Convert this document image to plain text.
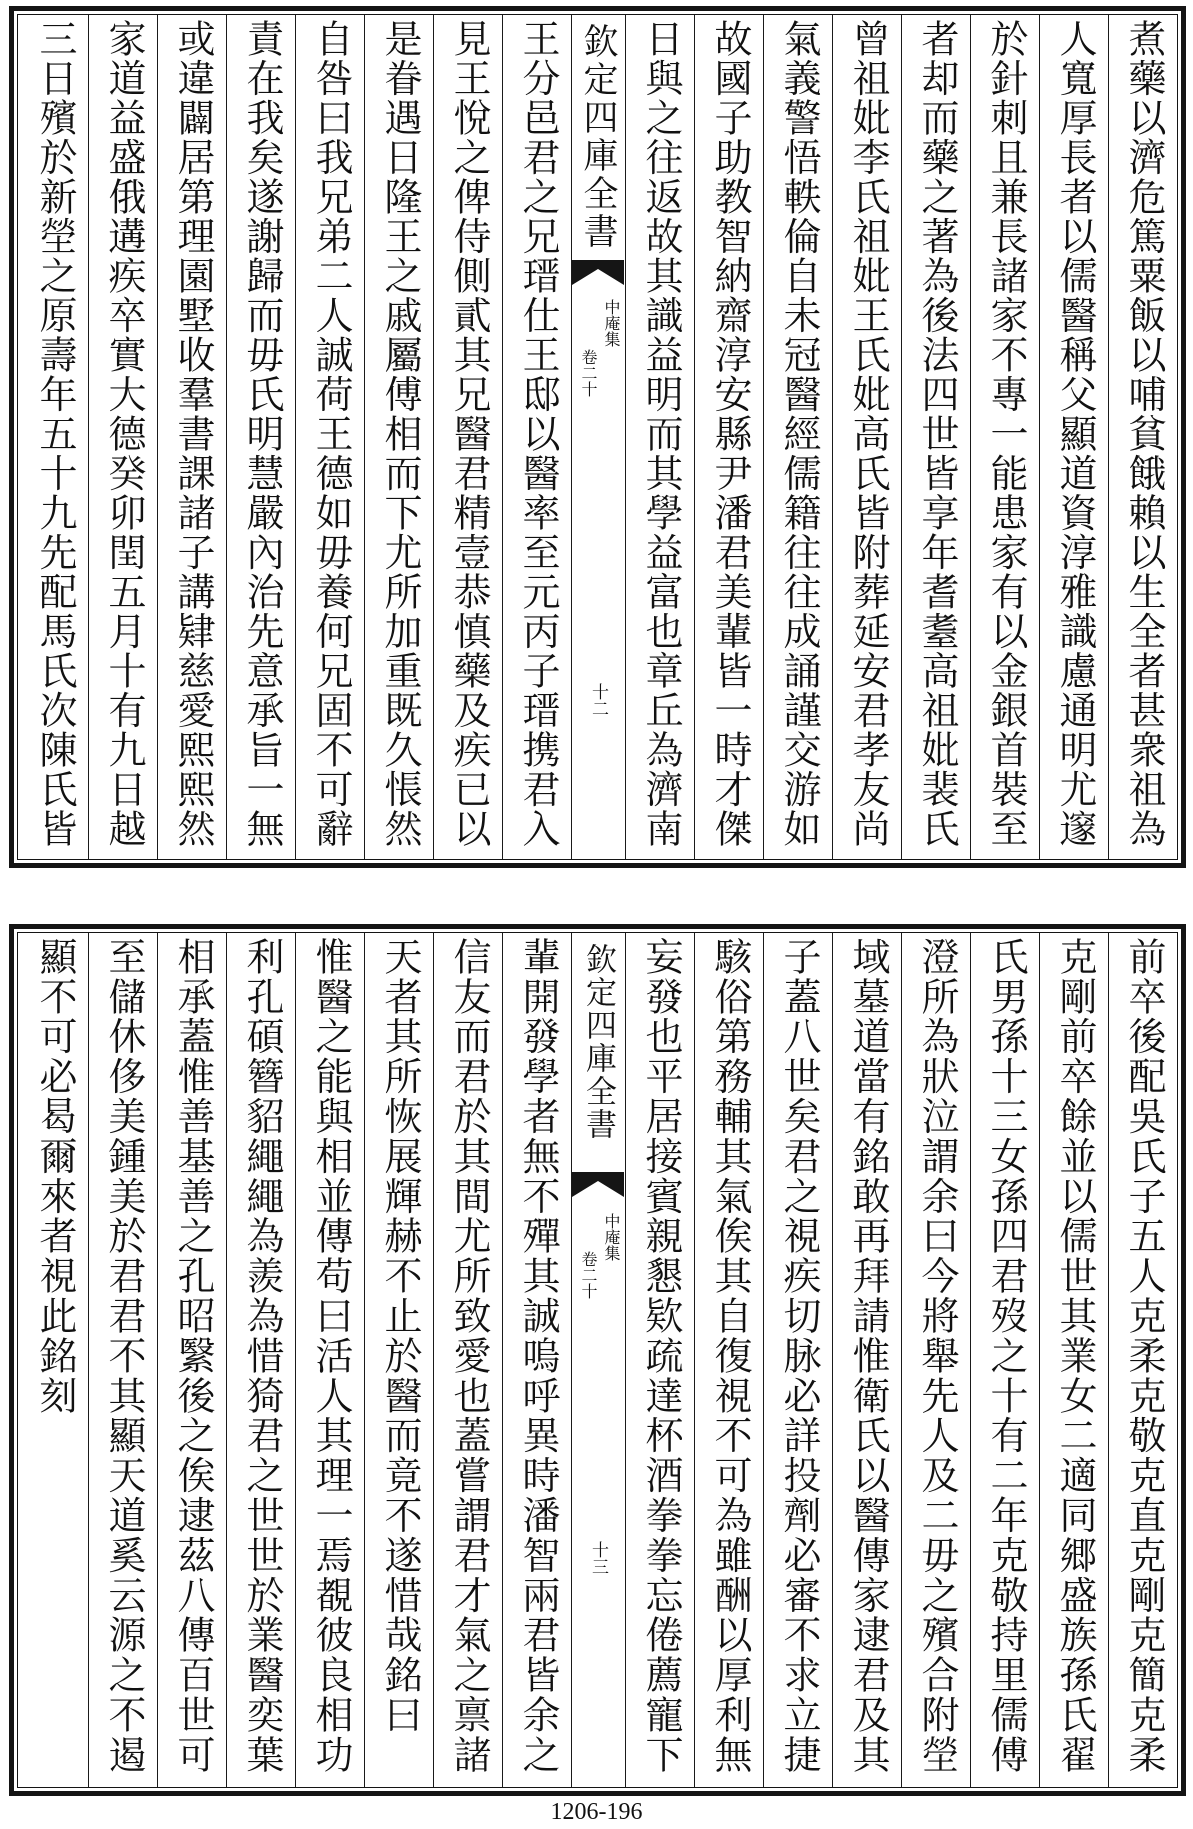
煮藥以濟危篤粟飯以哺貧餓賴以生全者甚衆祖為
人寬厚長者以儒醫稱父顯道資淳雅識慮通明尤邃
於針刺且兼長諸家不專一能患家有以金銀首裝至
者却而藥之著為後法四世皆享年耆耋高祖妣裴氏
曾祖妣李氏祖妣王氏妣高氏皆附葬延安君孝友尚
氣義警悟軼倫自未冠醫經儒籍往往成誦謹交游如
故國子助教智納齋淳安縣尹潘君美輩皆一時才傑
日與之往返故其識益明而其學益富也章丘為濟南
欽定四庫全書
中庵集
卷二十
十二
王分邑君之兄瑨仕王邸以醫率至元丙子瑨携君入
見王悅之俾侍側貳其兄醫君精壹恭慎藥及疾已以
是眷遇日隆王之戚屬傅相而下尤所加重既久悵然
自咎曰我兄弟二人誠荷王德如毋養何兄固不可辭
責在我矣遂謝歸而毋氏明慧嚴內治先意承旨一無
或違闢居第理園墅收羣書課諸子講肄慈愛熙熙然
家道益盛俄遘疾卒實大德癸卯閏五月十有九日越
三日殯於新塋之原壽年五十九先配馬氏次陳氏皆
前卒後配吳氏子五人克柔克敬克直克剛克簡克柔
克剛前卒餘並以儒世其業女二適同郷盛族孫氏翟
氏男孫十三女孫四君歿之十有二年克敬持里儒傅
澄所為狀泣謂余曰今將舉先人及二毋之殯合附塋
域墓道當有銘敢再拜請惟衛氏以醫傳家逮君及其
子蓋八世矣君之視疾切脉必詳投劑必審不求立捷
駭俗第務輔其氣俟其自復視不可為雖酬以厚利無
妄發也平居接賓親懇欵疏達杯酒拳拳忘倦薦寵下
欽定四庫全書
中庵集
卷二十
十三
輩開發學者無不殫其誠嗚呼異時潘智兩君皆余之
信友而君於其間尤所致愛也蓋嘗謂君才氣之禀諸
天者其所恢展輝赫不止於醫而竟不遂惜哉銘曰
惟醫之能與相並傳苟曰活人其理一焉覩彼良相功
利孔碩簪貂繩繩為羨為惜猗君之世世於業醫奕葉
相承蓋惟善基善之孔昭繄後之俟逮茲八傳百世可
至儲休侈美鍾美於君君不其顯天道奚云源之不遏
顯不可必曷爾來者視此銘刻
1206-196
